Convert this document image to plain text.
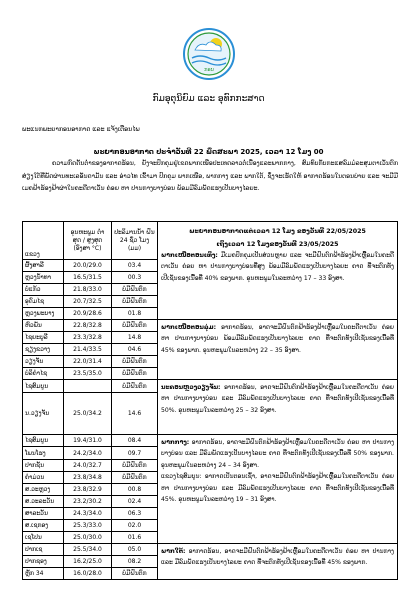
ກອນ
ກົມອຸຕຸນິຍົມ ແລະ ອຸທົກກະສາດ
ພະແນກພະຍາກອນອາກາດ ແລະ ແຈ້ງເຕືອນໄພ
ພະຍາກອນອາກາດ ປະຈຳວັນທີ 22 ພຶດສະພາ 2025, ເວລາ 12 ໂມງ 00
ຄວາມກົດດັນຕ່ຳຂອງອາກາດຮ້ອນ, ຍັງຈະປົກຄຸມຢູ່ເຂດພາກເໜືອປະເທດລາວຕໍ່ເນື່ອງແລະພາກກາງ, ສົມທົບກັບກະແສລົມມໍລະສຸມຕາເວັນຕົກສ່ຽງໃຕ້ທີ່ພັດຜ່ານທະເລອັນດາມັນ ແລະ ອ່າວໄທ ເຂົ້າມາ ປົກຄຸມ ພາກເໜືອ, ພາກກາງ ແລະ ພາກໃຕ້, ຊຶ່ງຈະເຮັດໃຫ້ ອາກາດຮ້ອນໃນຕອນບ່າຍ ແລະ ຈະມີມີເມຄຟ້າຮ້ອງຟ້າຜ່າໃນຄະດີຕາເວັນ ຄ່ອຍ ຫາ ປານກາງບາງບ່ອນ ພ້ອມມີລົມພັດແຮງເປັນບາງໄລຍະ.
ແຂວງ	ອຸນຫະພູມ ຕ່ຳ ສຸດ / ສູງສຸດ (ອົງສາ °C)	ປະລິມານນ້ຳ ຝົນ 24 ຊົ່ວ ໂມງ (ມມ)	ພະຍາກອນອາກາດແຕ່ເວລາ 12 ໂມງ ຂອງວັນທີ 22/05/2025
ເຖິງເວລາ 12 ໂມງຂອງວັນທີ 23/05/2025
ພາກເໜືອຕອນເທິງ: ມີເມຄປົກຄຸມເປັນສ່ວນຫຼາຍ ແລະ ຈະມີຝົນຕົກຟ້າຮ້ອງຟ້າເຫຼື້ອມໃນຄະດີຕາເວັນ ຄ່ອຍ ຫາ ປານກາງບາງບ່ອນທີ່ສູງ ພ້ອມມີລົມພັດແຮງເປັນບາງໄລຍະ ຄາດ ທີ່ຈະຕົກທັງເປີເຊັນຂອງເນື້ອທີ່ 40% ຂອງພາກ. ອຸນຫະພູມໃນລະຫວ່າງ 17 – 33 ອົງສາ.
ຜົ້ງສາລີ	20.0/29.0	03.4	
ຫຼວງນ້ຳທາ	16.5/31.5	00.3	
ບໍ່ແກ້ວ	21.8/33.0	ບໍ່ມີຝົນຕົກ	
ອຸດົມໄຊ	20.7/32.5	ບໍ່ມີຝົນຕົກ	
ຫຼວງພະບາງ	20.9/28.6	01.8	
ຫົວພັນ	22.8/32.8	ບໍ່ມີຝົນຕົກ	ພາກເໜືອຕອນລຸ່ມ: ອາກາດຮ້ອນ, ອາດຈະມີຝົນຕົກຟ້າຮ້ອງຟ້າເຫຼື້ອມໃນຄະດີຕາເວັນ ຄ່ອຍ ຫາ ປານກາງບາງບ່ອນ ພ້ອມມີລົມພັດແຮງເປັນບາງໄລຍະ ຄາດ ທີ່ຈະຕົກທັງເປີເຊັນຂອງເນື້ອທີ່ 45% ຂອງພາກ. ອຸນຫະພູມໃນລະຫວ່າງ 22 – 35 ອົງສາ.
ໄຊຍະບູລີ	23.3/32.8	14.8	
ຊຽງຂວາງ	21.4/33.5	04.6	
ວຽງຈັນ	22.0/31.4	ບໍ່ມີຝົນຕົກ	
ບໍລິຄຳໄຊ	23.5/35.0	ບໍ່ມີຝົນຕົກ	
ໄຊສົມບູນ		ບໍ່ມີຝົນຕົກ	ນະຄອນຫຼວງວຽງຈັນ: ອາກາດຮ້ອນ, ອາດຈະມີຝົນຕົກຟ້າຮ້ອງຟ້າເຫຼື້ອມໃນຄະດີຕາເວັນ ຄ່ອຍ ຫາ ປານກາງບາງບ່ອນ ແລະ ມີລົມພັດແຮງເປັນບາງໄລຍະ ຄາດ ທີ່ຈະຕົກທັງເປີເຊັນຂອງເນື້ອທີ່ 50%. ອຸນຫະພູມໃນລະຫວ່າງ 25 – 32 ອົງສາ.
ນ.ວຽງຈັນ	25.0/34.2	14.6	
ໄຊສົມບູນ	19.4/31.0	08.4	ພາກກາງ: ອາກາດຮ້ອນ, ອາດຈະມີຝົນຕົກຟ້າຮ້ອງຟ້າເຫຼື້ອມໃນຄະດີຕາເວັນ ຄ່ອຍ ຫາ ປານກາງບາງບ່ອນ ແລະ ມີລົມພັດແຮງເປັນບາງໄລຍະ ຄາດ ທີ່ຈະຕົກທັງເປີເຊັນຂອງເນື້ອທີ່ 50% ຂອງພາກ. ອຸນຫະພູມໃນລະຫວ່າງ 24 – 34 ອົງສາ.
ແຂວງໄຊສົມບູນ: ອາກາດເປັນຕອນເຊົ້າ, ອາດຈະມີຝົນຕົກຟ້າຮ້ອງຟ້າເຫຼື້ອມໃນຄະດີຕາເວັນ ຄ່ອຍ ຫາ ປານກາງບາງບ່ອນ ແລະ ມີລົມພັດແຮງເປັນບາງໄລຍະ ຄາດ ທີ່ຈະຕົກທັງເປີເຊັນຂອງເນື້ອທີ່ 45%. ອຸນຫະພູມໃນລະຫວ່າງ 19 – 31 ອົງສາ.

ໂພນໂຮງ	24.2/34.0	09.7	
ປາກຊັນ	24.0/32.7	ບໍ່ມີຝົນຕົກ	
ຄຳມ່ວນ	23.8/34.8	ບໍ່ມີຝົນຕົກ	
ສ.ວະຫຼວງ	23.8/32.9	00.8	
ສ.ວະລະວັນ	23.2/30.2	02.4	
ສາລະວັນ	24.3/34.0	06.3	
ສ.ເຊກອງ	25.3/33.0	02.0	
ເຊໂປນ	25.0/30.0	01.6	
ປາກເຊ	25.5/34.0	05.0	ພາກໃຕ້: ອາກາດຮ້ອນ, ອາດຈະມີຝົນຕົກຟ້າຮ້ອງຟ້າເຫຼື້ອມໃນຄະດີຕາເວັນ ຄ່ອຍ ຫາ ປານກາງ ແລະ ມີລົມພັດແຮງເປັນບາງໄລຍະ ຄາດ ທີ່ຈະຕົກທັງເປີເຊັນຂອງເນື້ອທີ່ 45% ຂອງພາກ.
ປາກຊອງ	16.2/25.0	08.2	
ຫຼັກ 34	16.0/28.0	ບໍ່ມີຝົນຕົກ	
